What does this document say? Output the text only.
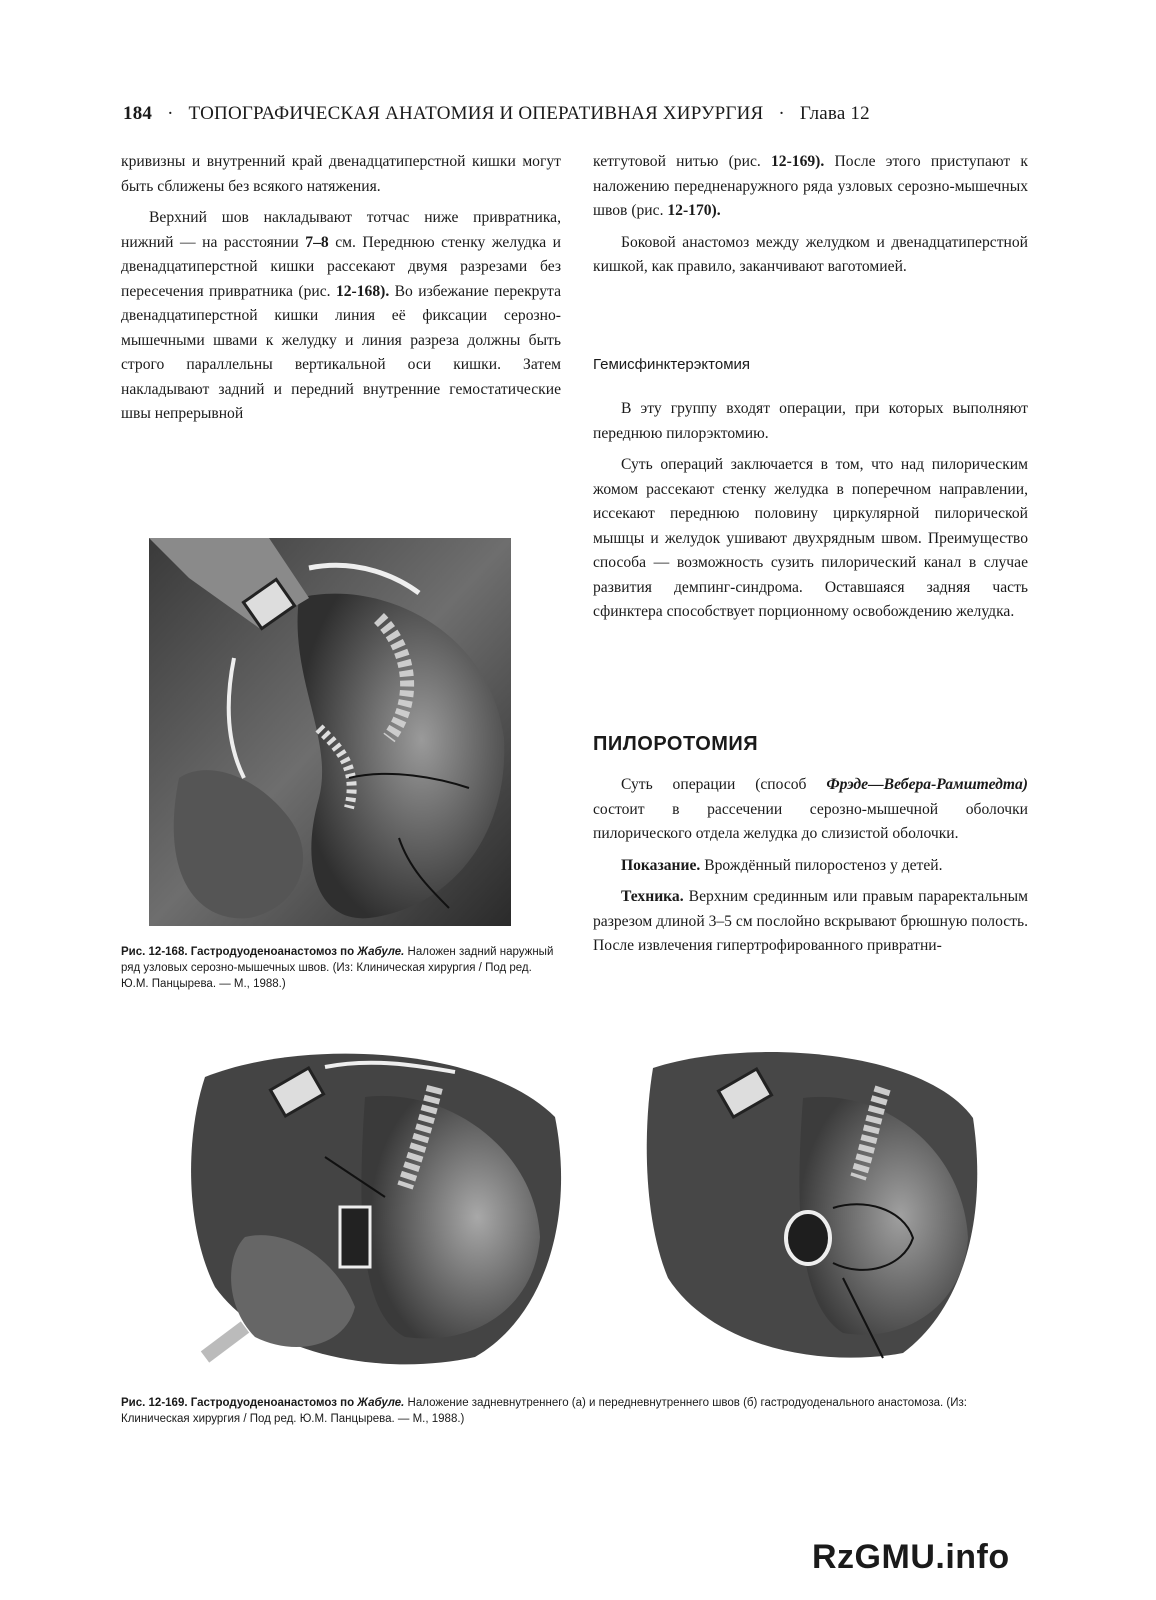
184 · ТОПОГРАФИЧЕСКАЯ АНАТОМИЯ И ОПЕРАТИВНАЯ ХИРУРГИЯ · Глава 12

кривизны и внутренний край двенадцатиперстной кишки могут быть сближены без всякого натяжения.

Верхний шов накладывают тотчас ниже привратника, нижний — на расстоянии 7–8 см. Переднюю стенку желудка и двенадцатиперстной кишки рассекают двумя разрезами без пересечения привратника (рис. 12-168). Во избежание перекрута двенадцатиперстной кишки линия её фиксации серозно-мышечными швами к желудку и линия разреза должны быть строго параллельны вертикальной оси кишки. Затем накладывают задний и передний внутренние гемостатические швы непрерывной

кетгутовой нитью (рис. 12-169). После этого приступают к наложению передненаружного ряда узловых серозно-мышечных швов (рис. 12-170).

Боковой анастомоз между желудком и двенадцатиперстной кишкой, как правило, заканчивают ваготомией.

Гемисфинктерэктомия

В эту группу входят операции, при которых выполняют переднюю пилорэктомию.

Суть операций заключается в том, что над пилорическим жомом рассекают стенку желудка в поперечном направлении, иссекают переднюю половину циркулярной пилорической мышцы и желудок ушивают двухрядным швом. Преимущество способа — возможность сузить пилорический канал в случае развития демпинг-синдрома. Оставшаяся задняя часть сфинктера способствует порционному освобождению желудка.

ПИЛОРОТОМИЯ

Суть операции (способ Фрэде—Вебера-Рамштедта) состоит в рассечении серозно-мышечной оболочки пилорического отдела желудка до слизистой оболочки.

Показание. Врождённый пилоростеноз у детей.

Техника. Верхним срединным или правым параректальным разрезом длиной 3–5 см послойно вскрывают брюшную полость. После извлечения гипертрофированного привратни-

Рис. 12-168. Гастродуоденоанастомоз по Жабуле. Наложен задний наружный ряд узловых серозно-мышечных швов. (Из: Клиническая хирургия / Под ред. Ю.М. Панцырева. — М., 1988.)
Рис. 12-169. Гастродуоденоанастомоз по Жабуле. Наложение задневнутреннего (а) и передневнутреннего швов (б) гастродуоденального анастомоза. (Из: Клиническая хирургия / Под ред. Ю.М. Панцырева. — М., 1988.)
RzGMU.info
